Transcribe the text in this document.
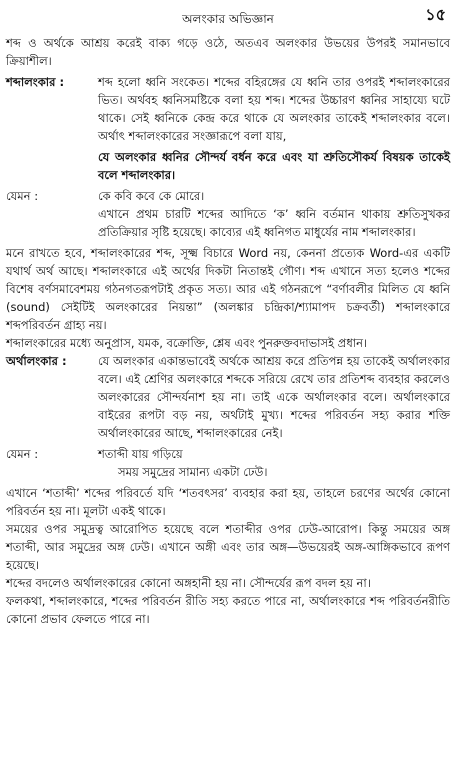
অলংকার অভিজ্ঞান	১৫

শব্দ ও অর্থকে আশ্রয় করেই বাক্য গড়ে ওঠে, অতএব অলংকার উভয়ের উপরই সমানভাবে ক্রিয়াশীল।

শব্দালংকার :	শব্দ হলো ধ্বনি সংকেত। শব্দের বহিরঙ্গের যে ধ্বনি তার ওপরই শব্দালংকারের ভিত। অর্থবহ ধ্বনিসমষ্টিকে বলা হয় শব্দ। শব্দের উচ্চারণ ধ্বনির সাহায্যে ঘটে থাকে। সেই ধ্বনিকে কেন্দ্র করে থাকে যে অলংকার তাকেই শব্দালংকার বলে। অর্থাৎ শব্দালংকারের সংজ্ঞারূপে বলা যায়,

যে অলংকার ধ্বনির সৌন্দর্য বর্ধন করে এবং যা শ্রুতিসৌকর্য বিষয়ক তাকেই বলে শব্দালংকার।

যেমন :	কে কবি কবে কে মোরে।

এখানে প্রথম চারটি শব্দের আদিতে ‘ক’ ধ্বনি বর্তমান থাকায় শ্রুতিসুখকর প্রতিক্রিয়ার সৃষ্টি হয়েছে। কাব্যের এই ধ্বনিগত মাধুর্যের নাম শব্দালংকার।

মনে রাখতে হবে, শব্দালংকারের শব্দ, সূক্ষ্ম বিচারে Word নয়, কেননা প্রত্যেক Word-এর একটি যথার্থ অর্থ আছে। শব্দালংকারে এই অর্থের দিকটা নিতান্তই গৌণ। শব্দ এখানে সত্য হলেও শব্দের বিশেষ বর্ণসমাবেশময় গঠনগতরূপটাই প্রকৃত সত্য। আর এই গঠনরূপে “বর্ণাবলীর মিলিত যে ধ্বনি (sound) সেইটিই অলংকারের নিয়ন্তা” (অলঙ্কার চন্দ্রিকা/শ্যামাপদ চক্রবর্তী) শব্দালংকারে শব্দপরিবর্তন গ্রাহ্য নয়।

শব্দালংকারের মধ্যে অনুপ্রাস, যমক, বক্রোক্তি, শ্লেষ এবং পুনরুক্তবদাভাসই প্রধান।

অর্থালংকার :	যে অলংকার একান্তভাবেই অর্থকে আশ্রয় করে প্রতিপন্ন হয় তাকেই অর্থালংকার বলে। এই শ্রেণির অলংকারে শব্দকে সরিয়ে রেখে তার প্রতিশব্দ ব্যবহার করলেও অলংকারের সৌন্দর্যনাশ হয় না। তাই একে অর্থালংকার বলে। অর্থালংকারে বাইরের রূপটা বড় নয়, অর্থটাই মুখ্য। শব্দের পরিবর্তন সহ্য করার শক্তি অর্থালংকারের আছে, শব্দালংকারের নেই।
যেমন :	শতাব্দী যায় গড়িয়ে

সময় সমুদ্রের সামান্য একটা ঢেউ।

এখানে ‘শতাব্দী’ শব্দের পরিবর্তে যদি ‘শতবৎসর’ ব্যবহার করা হয়, তাহলে চরণের অর্থের কোনো পরিবর্তন হয় না। মূলটা একই থাকে।

সময়ের ওপর সমুদ্রত্ব আরোপিত হয়েছে বলে শতাব্দীর ওপর ঢেউ-আরোপ। কিন্তু সময়ের অঙ্গ শতাব্দী, আর সমুদ্রের অঙ্গ ঢেউ। এখানে অঙ্গী এবং তার অঙ্গ—উভয়েরই অঙ্গ-আঙ্গিকভাবে রূপণ হয়েছে।

শব্দের বদলেও অর্থালংকারের কোনো অঙ্গহানী হয় না। সৌন্দর্যের রূপ বদল হয় না।

ফলকথা, শব্দালংকারে, শব্দের পরিবর্তন রীতি সহ্য করতে পারে না, অর্থালংকারে শব্দ পরিবর্তনরীতি কোনো প্রভাব ফেলতে পারে না।
